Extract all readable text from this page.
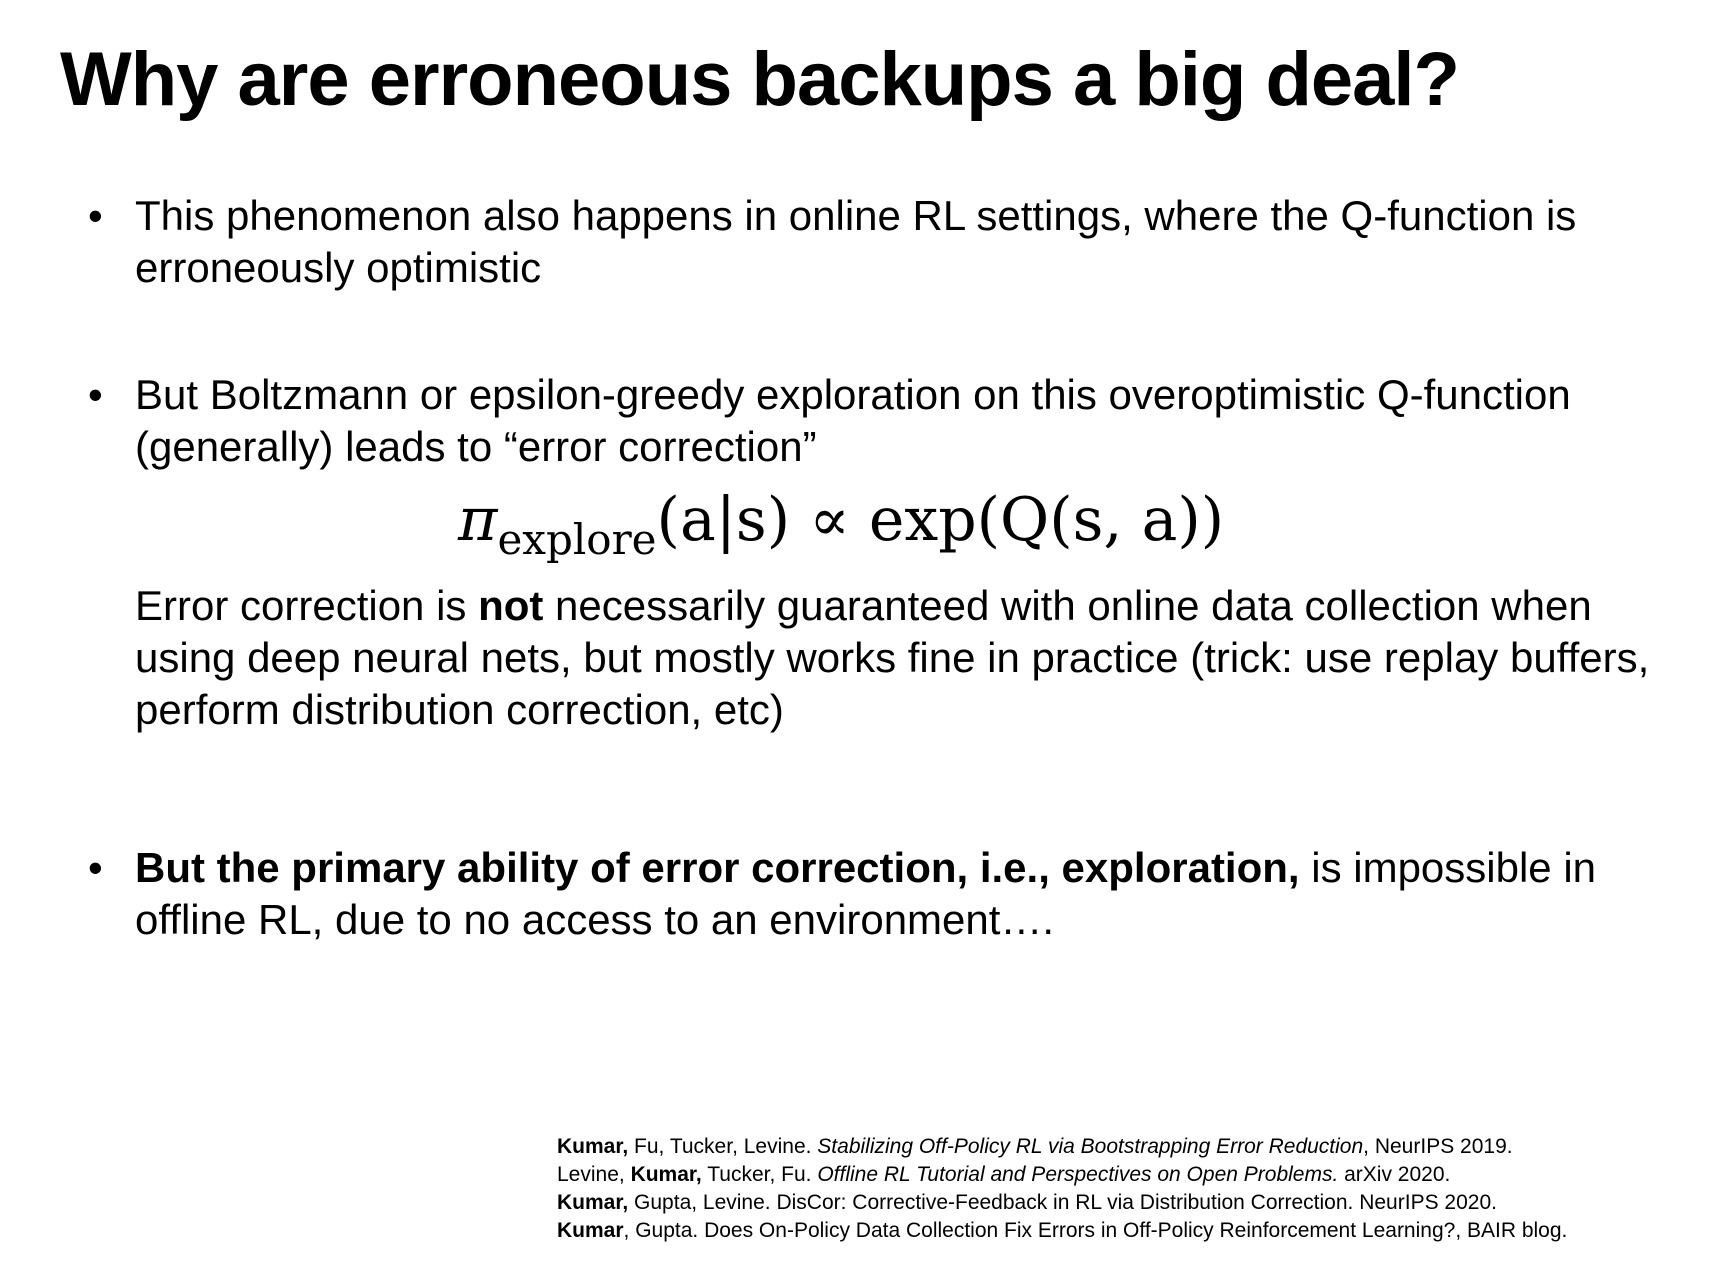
Why are erroneous backups a big deal?
• This phenomenon also happens in online RL settings, where the Q-function is erroneously optimistic
• But Boltzmann or epsilon-greedy exploration on this overoptimistic Q-function (generally) leads to “error correction”
$\pi_{explore}(a|s) \propto \exp(Q(s$, a))
Error correction is not necessarily guaranteed with online data collection when using deep neural nets, but mostly works fine in practice (trick: use replay buffers, perform distribution correction, etc)
• But the primary ability of error correction, i.e., exploration, is impossible in offline RL, due to no access to an environment….
Kumar, Fu, Tucker, Levine. Stabilizing Off-Policy RL via Bootstrapping Error Reduction, NeurIPS 2019.
Levine, Kumar, Tucker, Fu. Offline RL Tutorial and Perspectives on Open Problems. arXiv 2020.
Kumar, Gupta, Levine. DisCor: Corrective-Feedback in RL via Distribution Correction. NeurIPS 2020.
Kumar, Gupta. Does On-Policy Data Collection Fix Errors in Off-Policy Reinforcement Learning?, BAIR blog.
